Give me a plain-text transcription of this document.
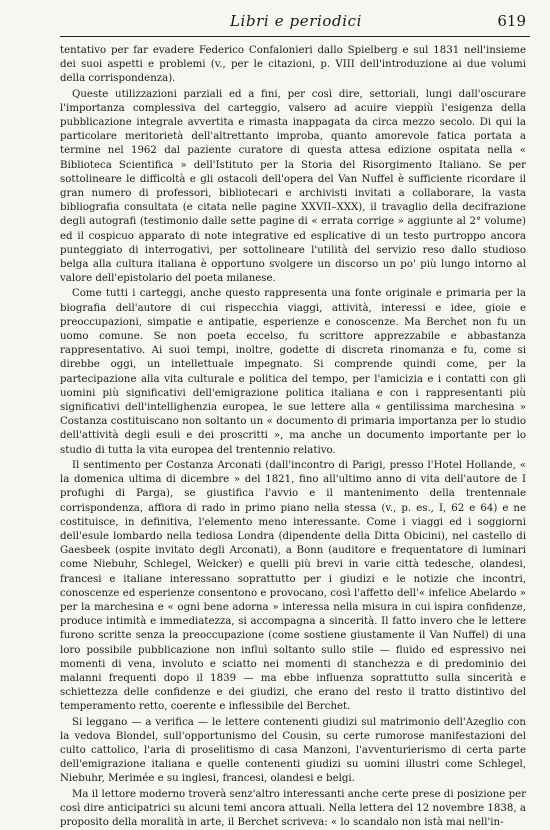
Libri e periodici	619

tentativo per far evadere Federico Confalonieri dallo Spielberg e sul 1831 nell'insieme dei suoi aspetti e problemi (v., per le citazioni, p. VIII dell'introduzione ai due volumi della corrispondenza).

Queste utilizzazioni parziali ed a fini, per così dire, settoriali, lungi dall'oscurare l'importanza complessiva del carteggio, valsero ad acuire vieppiù l'esigenza della pubblicazione integrale avvertita e rimasta inappagata da circa mezzo secolo. Di qui la particolare meritorietà dell'altrettanto improba, quanto amorevole fatica portata a termine nel 1962 dal paziente curatore di questa attesa edizione ospitata nella « Biblioteca Scientifica » dell'Istituto per la Storia del Risorgimento Italiano. Se per sottolineare le difficoltà e gli ostacoli dell'opera del Van Nuffel è sufficiente ricordare il gran numero di professori, bibliotecari e archivisti invitati a collaborare, la vasta bibliografia consultata (e citata nelle pagine XXVII–XXX), il travaglio della decifrazione degli autografi (testimonio dalle sette pagine di « errata corrige » aggiunte al 2° volume) ed il cospicuo apparato di note integrative ed esplicative di un testo purtroppo ancora punteggiato di interrogativi, per sottolineare l'utilità del servizio reso dallo studioso belga alla cultura italiana è opportuno svolgere un discorso un po' più lungo intorno al valore dell'epistolario del poeta milanese.

Come tutti i carteggi, anche questo rappresenta una fonte originale e primaria per la biografia dell'autore di cui rispecchia viaggi, attività, interessi e idee, gioie e preoccupazioni, simpatie e antipatie, esperienze e conoscenze. Ma Berchet non fu un uomo comune. Se non poeta eccelso, fu scrittore apprezzabile e abbastanza rappresentativo. Ai suoi tempi, inoltre, godette di discreta rinomanza e fu, come si direbbe oggi, un intellettuale impegnato. Si comprende quindi come, per la partecipazione alla vita culturale e politica del tempo, per l'amicizia e i contatti con gli uomini più significativi dell'emigrazione politica italiana e con i rappresentanti più significativi dell'intellighenzia europea, le sue lettere alla « gentilissima marchesina » Costanza costituiscano non soltanto un « documento di primaria importanza per lo studio dell'attività degli esuli e dei proscritti », ma anche un documento importante per lo studio di tutta la vita europea del trentennio relativo.

Il sentimento per Costanza Arconati (dall'incontro di Parigi, presso l'Hotel Hollande, « la domenica ultima di dicembre » del 1821, fino all'ultimo anno di vita dell'autore de I profughi di Parga), se giustifica l'avvio e il mantenimento della trentennale corrispondenza, affiora di rado in primo piano nella stessa (v., p. es., I, 62 e 64) e ne costituisce, in definitiva, l'elemento meno interessante. Come i viaggi ed i soggiorni dell'esule lombardo nella tediosa Londra (dipendente della Ditta Obicini), nel castello di Gaesbeek (ospite invitato degli Arconati), a Bonn (auditore e frequentatore di luminari come Niebuhr, Schlegel, Welcker) e quelli più brevi in varie città tedesche, olandesi, francesi e italiane interessano soprattutto per i giudizi e le notizie che incontri, conoscenze ed esperienze consentono e provocano, così l'affetto dell'« infelice Abelardo » per la marchesina e « ogni bene adorna » interessa nella misura in cui ispira confidenze, produce intimità e immediatezza, si accompagna a sincerità. Il fatto invero che le lettere furono scritte senza la preoccupazione (come sostiene giustamente il Van Nuffel) di una loro possibile pubblicazione non influì soltanto sullo stile — fluido ed espressivo nei momenti di vena, involuto e sciatto nei momenti di stanchezza e di predominio dei malanni frequenti dopo il 1839 — ma ebbe influenza soprattutto sulla sincerità e schiettezza delle confidenze e dei giudizi, che erano del resto il tratto distintivo del temperamento retto, coerente e inflessibile del Berchet.

Si leggano — a verifica — le lettere contenenti giudizi sul matrimonio dell'Azeglio con la vedova Blondel, sull'opportunismo del Cousin, su certe rumorose manifestazioni del culto cattolico, l'aria di proselitismo di casa Manzoni, l'avventurierismo di certa parte dell'emigrazione italiana e quelle contenenti giudizi su uomini illustri come Schlegel, Niebuhr, Merimée e su inglesi, francesi, olandesi e belgi.

Ma il lettore moderno troverà senz'altro interessanti anche certe prese di posizione per così dire anticipatrici su alcuni temi ancora attuali. Nella lettera del 12 novembre 1838, a proposito della moralità in arte, il Berchet scriveva: « lo scandalo non istà mai nell'in-
